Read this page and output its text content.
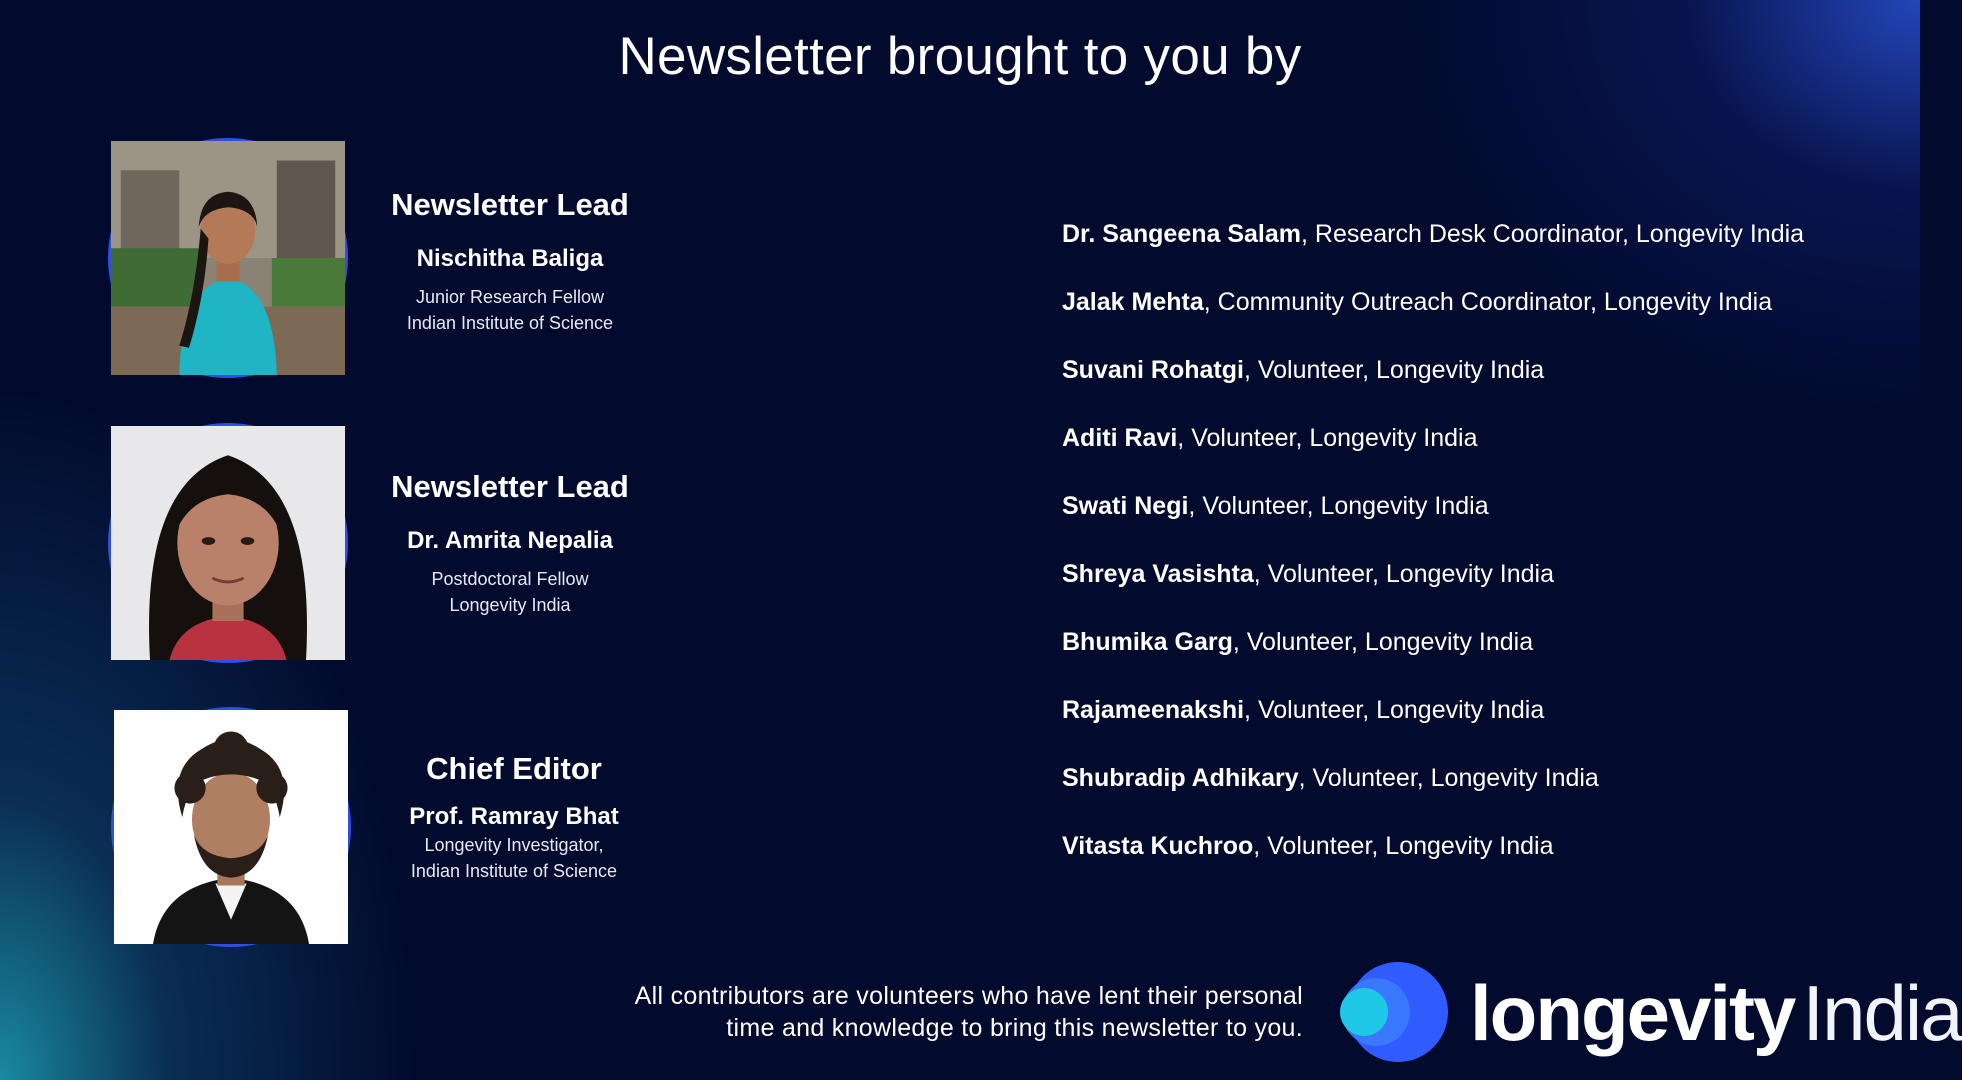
Newsletter brought to you by
Newsletter Lead
Nischitha Baliga
Junior Research Fellow
Indian Institute of Science
Newsletter Lead
Dr. Amrita Nepalia
Postdoctoral Fellow
Longevity India
Chief Editor
Prof. Ramray Bhat
Longevity Investigator,
Indian Institute of Science
Dr. Sangeena Salam, Research Desk Coordinator, Longevity India
Jalak Mehta, Community Outreach Coordinator, Longevity India
Suvani Rohatgi, Volunteer, Longevity India
Aditi Ravi, Volunteer, Longevity India
Swati Negi, Volunteer, Longevity India
Shreya Vasishta, Volunteer, Longevity India
Bhumika Garg, Volunteer, Longevity India
Rajameenakshi, Volunteer, Longevity India
Shubradip Adhikary, Volunteer, Longevity India
Vitasta Kuchroo, Volunteer, Longevity India
All contributors are volunteers who have lent their personal
time and knowledge to bring this newsletter to you. longevity India
